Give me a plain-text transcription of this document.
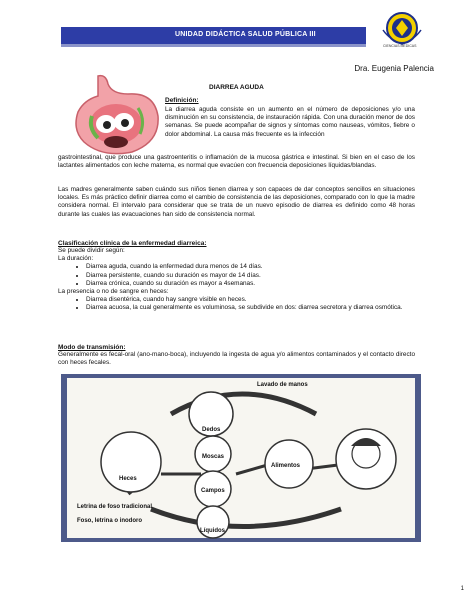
UNIDAD DIDÁCTICA SALUD PÚBLICA III
CIENCIAS MÉDICAS
Dra. Eugenia Palencia
DIARREA AGUDA
Definición:

La diarrea aguda consiste en un aumento en el número de deposiciones y/o una disminución en su consistencia, de instauración rápida. Con una duración menor de dos semanas. Se puede acompañar de signos y síntomas como nauseas, vómitos, fiebre o dolor abdominal. La causa más frecuente es la infección

gastrointestinal, que produce una gastroenteritis o inflamación de la mucosa gástrica e intestinal. Si bien en el caso de los lactantes alimentados con leche materna, es normal que evacúen con frecuencia deposiciones líquidas/blandas.

Las madres generalmente saben cuándo sus niños tienen diarrea y son capaces de dar conceptos sencillos en situaciones locales. Es más práctico definir diarrea como el cambio de consistencia de las deposiciones, comparado con lo que la madre considera normal. El intervalo para considerar que se trata de un nuevo episodio de diarrea es definido como 48 horas durante las cuales las evacuaciones han sido de consistencia normal.

Clasificación clínica de la enfermedad diarreica:
Se puede dividir según:
La duración:
• Diarrea aguda, cuando la enfermedad dura menos de 14 días.
• Diarrea persistente, cuando su duración es mayor de 14 días.
• Diarrea crónica, cuando su duración es mayor a 4semanas.
La presencia o no de sangre en heces:
• Diarrea disentérica, cuando hay sangre visible en heces.
• Diarrea acuosa, la cual generalmente es voluminosa, se subdivide en dos: diarrea secretora y diarrea osmótica.
Modo de transmisión:

Generalmente es fecal-oral (ano-mano-boca), incluyendo la ingesta de agua y/o alimentos contaminados y el contacto directo con heces fecales.

Lavado de manos
Dedos
Moscas
Campos
Alimentos
Líquidos
Heces
Letrina de foso tradicional
Foso, letrina o inodoro
1
